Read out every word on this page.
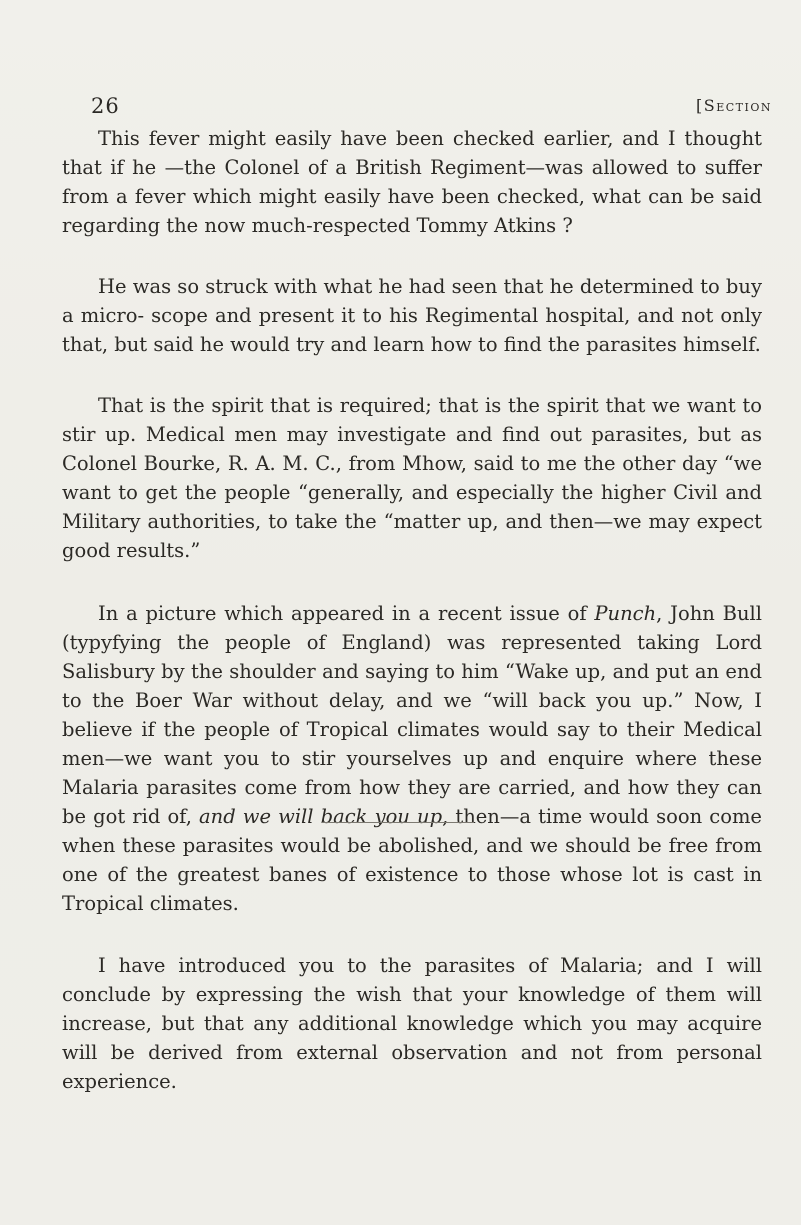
26	[Section

This fever might easily have been checked earlier, and I thought that if he —the Colonel of a British Regiment—was allowed to suffer from a fever which might easily have been checked, what can be said regarding the now much-respected Tommy Atkins ?

He was so struck with what he had seen that he determined to buy a micro- scope and present it to his Regimental hospital, and not only that, but said he would try and learn how to find the parasites himself.

That is the spirit that is required; that is the spirit that we want to stir up. Medical men may investigate and find out parasites, but as Colonel Bourke, R. A. M. C., from Mhow, said to me the other day “we want to get the people “generally, and especially the higher Civil and Military authorities, to take the “matter up, and then—we may expect good results.”

In a picture which appeared in a recent issue of Punch, John Bull (typyfying the people of England) was represented taking Lord Salisbury by the shoulder and saying to him “Wake up, and put an end to the Boer War without delay, and we “will back you up.” Now, I believe if the people of Tropical climates would say to their Medical men—we want you to stir yourselves up and enquire where these Malaria parasites come from how they are carried, and how they can be got rid of, and we will back you up, then—a time would soon come when these parasites would be abolished, and we should be free from one of the greatest banes of existence to those whose lot is cast in Tropical climates.

I have introduced you to the parasites of Malaria; and I will conclude by expressing the wish that your knowledge of them will increase, but that any additional knowledge which you may acquire will be derived from external observation and not from personal experience.
